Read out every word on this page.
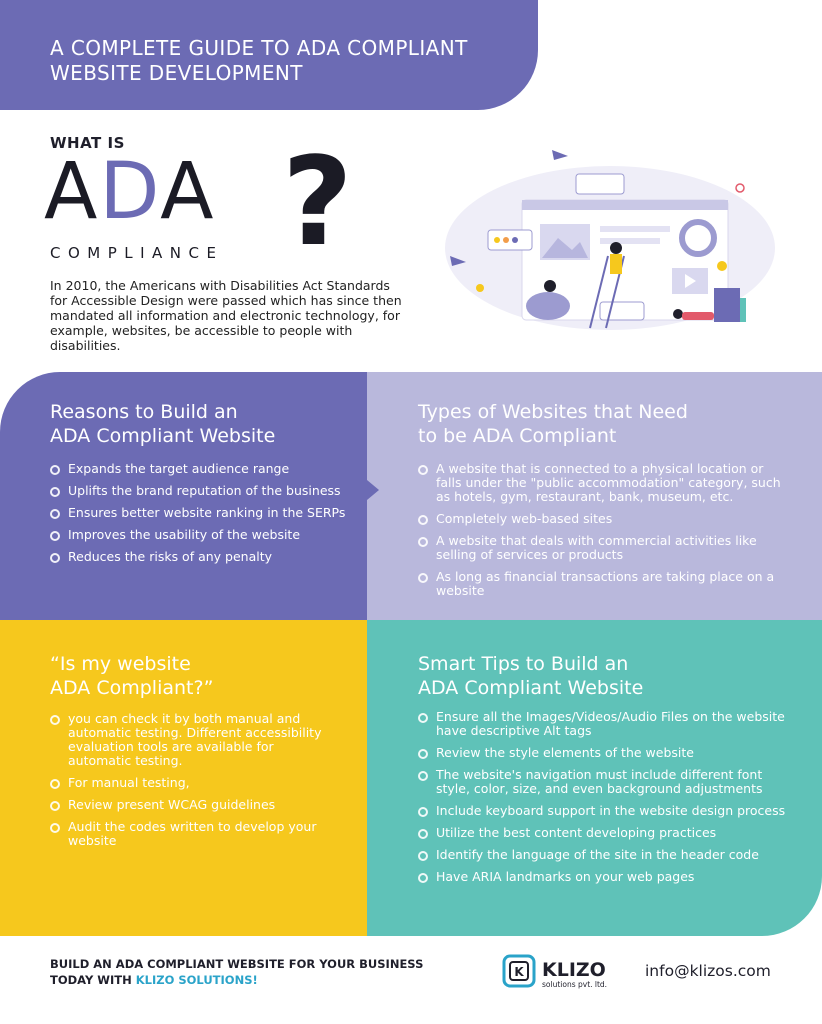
A COMPLETE GUIDE TO ADA COMPLIANT WEBSITE DEVELOPMENT
WHAT IS
ADA
COMPLIANCE ?

In 2010, the Americans with Disabilities Act Standards for Accessible Design were passed which has since then mandated all information and electronic technology, for example, websites, be accessible to people with disabilities.

Reasons to Build an
ADA Compliant Website
Expands the target audience range
Uplifts the brand reputation of the business
Ensures better website ranking in the SERPs
Improves the usability of the website
Reduces the risks of any penalty
Types of Websites that Need
to be ADA Compliant
A website that is connected to a physical location or falls under the "public accommodation" category, such as hotels, gym, restaurant, bank, museum, etc.
Completely web-based sites
A website that deals with commercial activities like selling of services or products
As long as financial transactions are taking place on a website
“Is my website
ADA Compliant?”
you can check it by both manual and automatic testing. Different accessibility evaluation tools are available for automatic testing.
For manual testing,
Review present WCAG guidelines
Audit the codes written to develop your website
Smart Tips to Build an
ADA Compliant Website
Ensure all the Images/Videos/Audio Files on the website have descriptive Alt tags
Review the style elements of the website
The website's navigation must include different font style, color, size, and even background adjustments
Include keyboard support in the website design process
Utilize the best content developing practices
Identify the language of the site in the header code
Have ARIA landmarks on your web pages
BUILD AN ADA COMPLIANT WEBSITE FOR YOUR BUSINESS
TODAY WITH KLIZO SOLUTIONS!
K KLIZO
solutions pvt. ltd.
info@klizos.com
